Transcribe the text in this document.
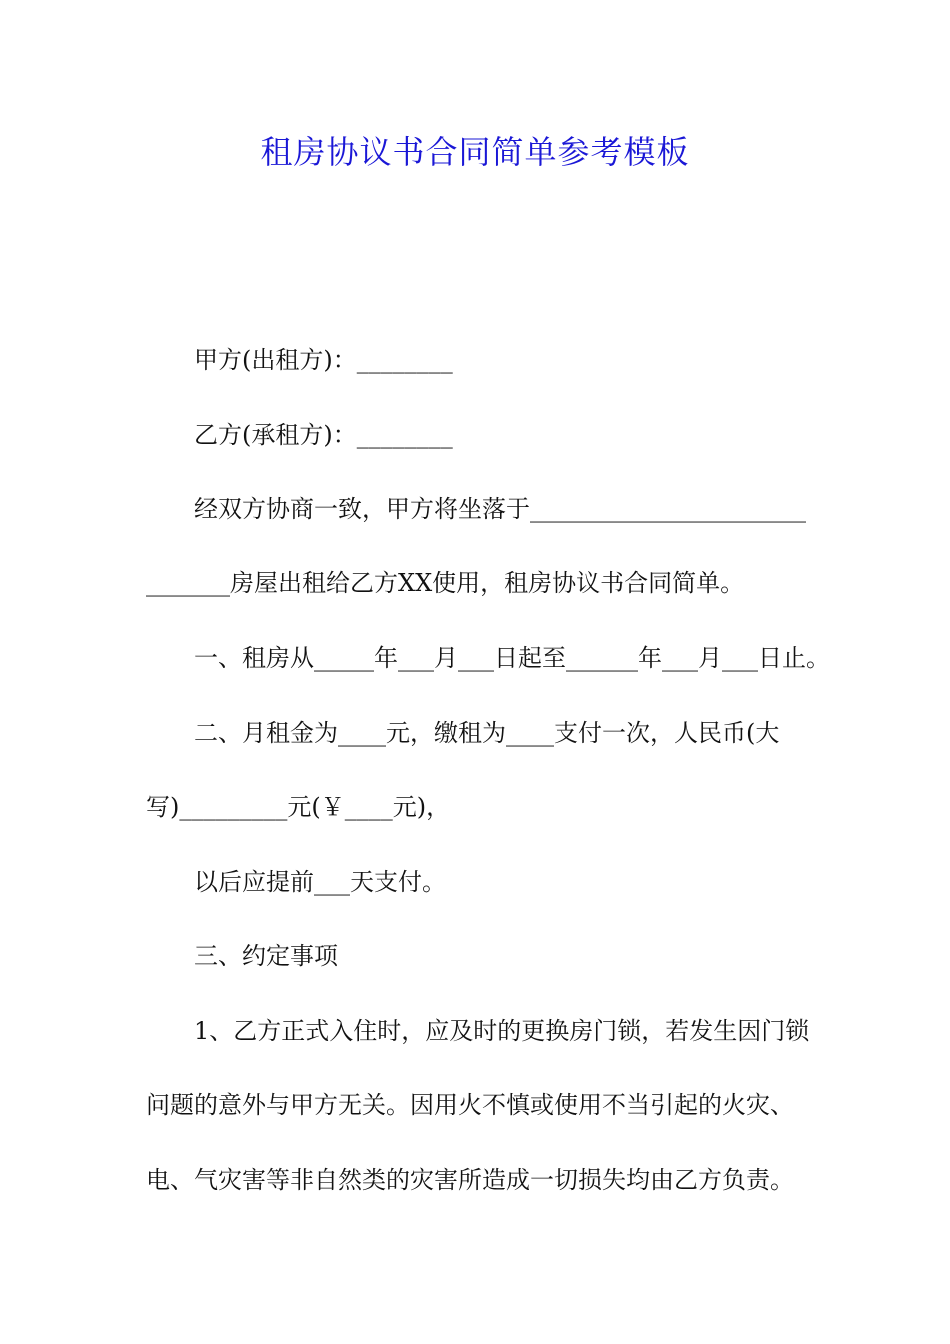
租房协议书合同简单参考模板
甲方(出租方)：________
乙方(承租方)：________
经双方协商一致，甲方将坐落于_______________________
_______房屋出租给乙方XX使用，租房协议书合同简单。
一、租房从_____年___月___日起至______年___月___日止。
二、月租金为____元，缴租为____支付一次，人民币(大
写)_________元(￥____元)，
以后应提前___天支付。
三、约定事项
1、乙方正式入住时，应及时的更换房门锁，若发生因门锁
问题的意外与甲方无关。因用火不慎或使用不当引起的火灾、
电、气灾害等非自然类的灾害所造成一切损失均由乙方负责。
